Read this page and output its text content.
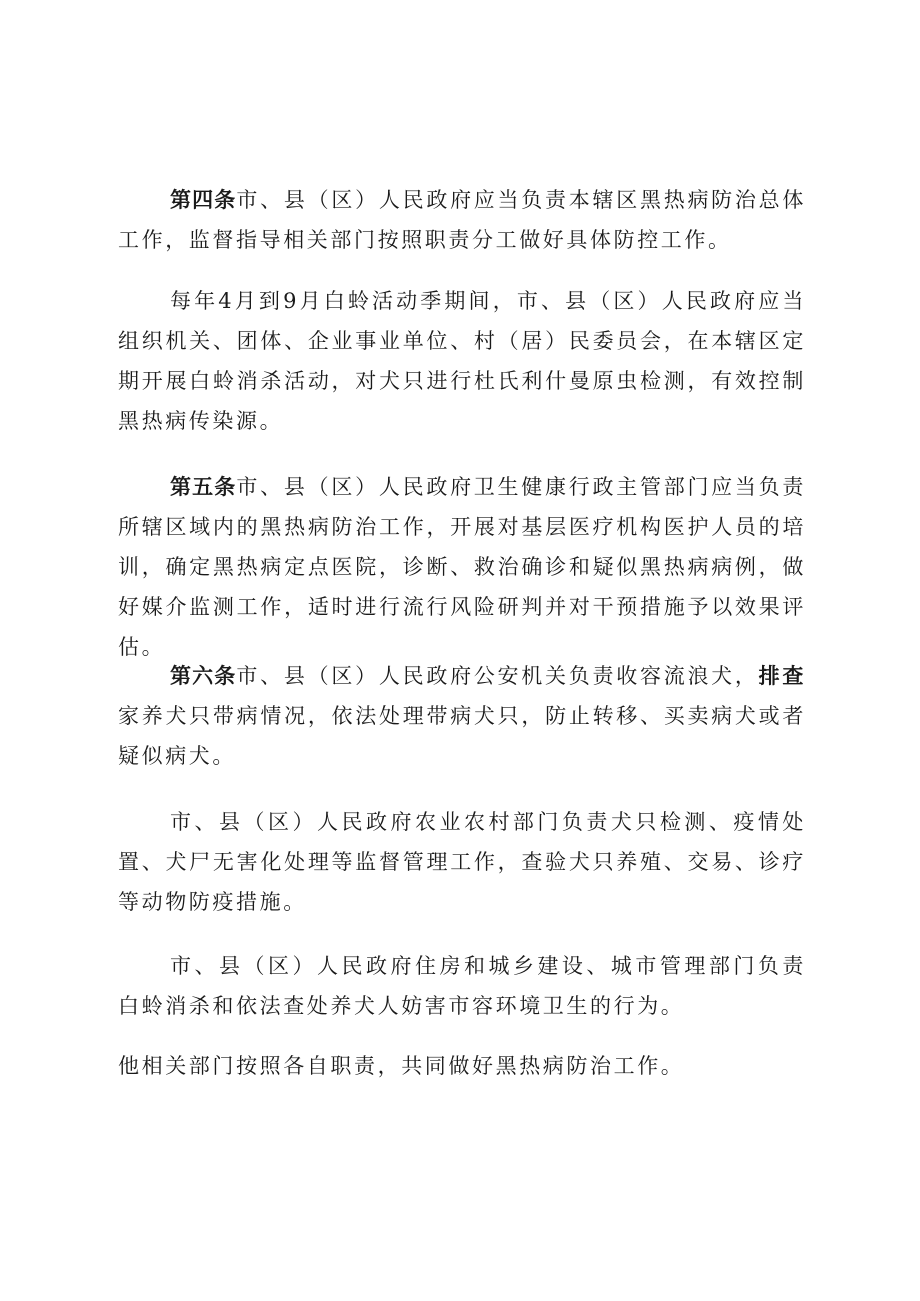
第四条市、县（区）人民政府应当负责本辖区黑热病防治总体工作，监督指导相关部门按照职责分工做好具体防控工作。

每年4月到9月白蛉活动季期间，市、县（区）人民政府应当组织机关、团体、企业事业单位、村（居）民委员会，在本辖区定期开展白蛉消杀活动，对犬只进行杜氏利什曼原虫检测，有效控制黑热病传染源。

第五条市、县（区）人民政府卫生健康行政主管部门应当负责所辖区域内的黑热病防治工作，开展对基层医疗机构医护人员的培训，确定黑热病定点医院，诊断、救治确诊和疑似黑热病病例，做好媒介监测工作，适时进行流行风险研判并对干预措施予以效果评估。

第六条市、县（区）人民政府公安机关负责收容流浪犬，排查家养犬只带病情况，依法处理带病犬只，防止转移、买卖病犬或者疑似病犬。

市、县（区）人民政府农业农村部门负责犬只检测、疫情处置、犬尸无害化处理等监督管理工作，查验犬只养殖、交易、诊疗等动物防疫措施。

市、县（区）人民政府住房和城乡建设、城市管理部门负责白蛉消杀和依法查处养犬人妨害市容环境卫生的行为。

他相关部门按照各自职责，共同做好黑热病防治工作。
